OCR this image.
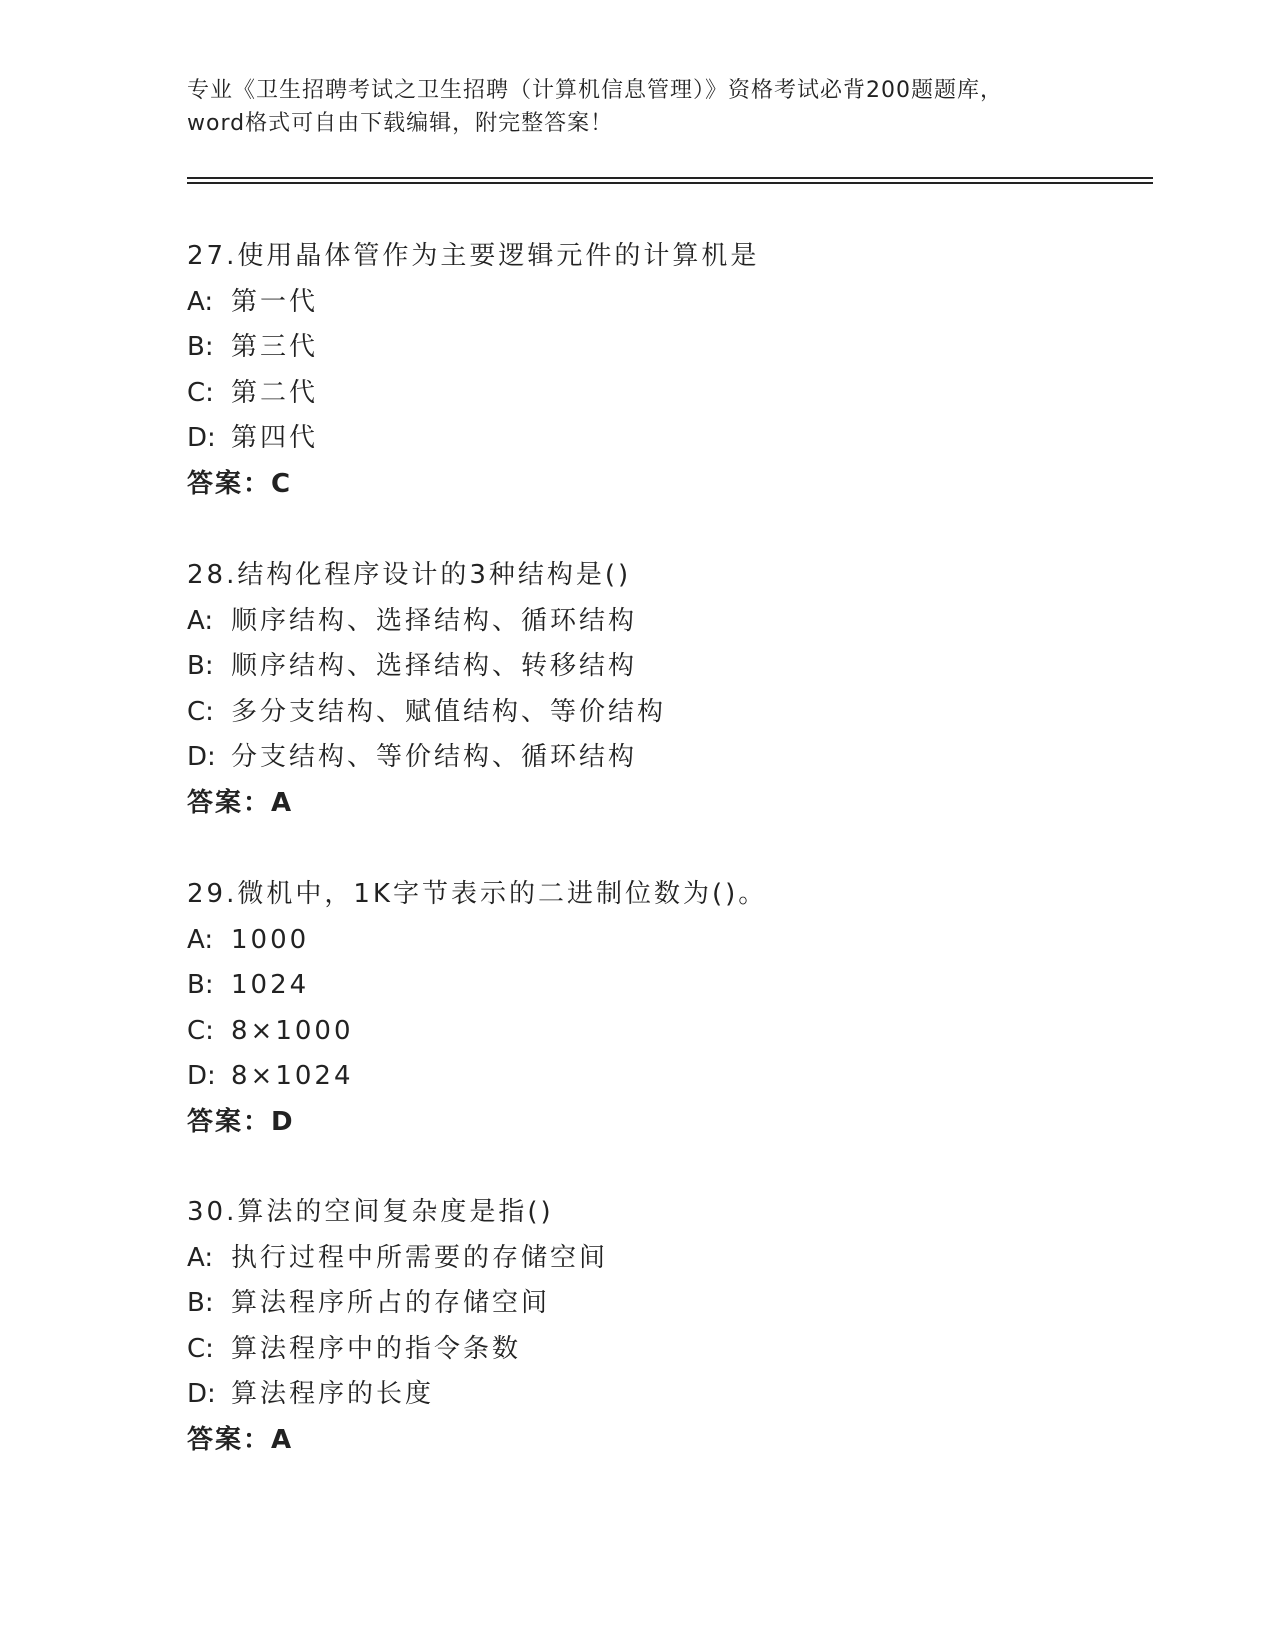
专业《卫生招聘考试之卫生招聘（计算机信息管理）》资格考试必背200题题库，
word格式可自由下载编辑，附完整答案！
27.使用晶体管作为主要逻辑元件的计算机是
A: 第一代
B: 第三代
C: 第二代
D: 第四代
答案：C
28.结构化程序设计的3种结构是()
A: 顺序结构、选择结构、循环结构
B: 顺序结构、选择结构、转移结构
C: 多分支结构、赋值结构、等价结构
D: 分支结构、等价结构、循环结构
答案：A
29.微机中，1K字节表示的二进制位数为()。
A: 1000
B: 1024
C: 8×1000
D: 8×1024
答案：D
30.算法的空间复杂度是指()
A: 执行过程中所需要的存储空间
B: 算法程序所占的存储空间
C: 算法程序中的指令条数
D: 算法程序的长度
答案：A
